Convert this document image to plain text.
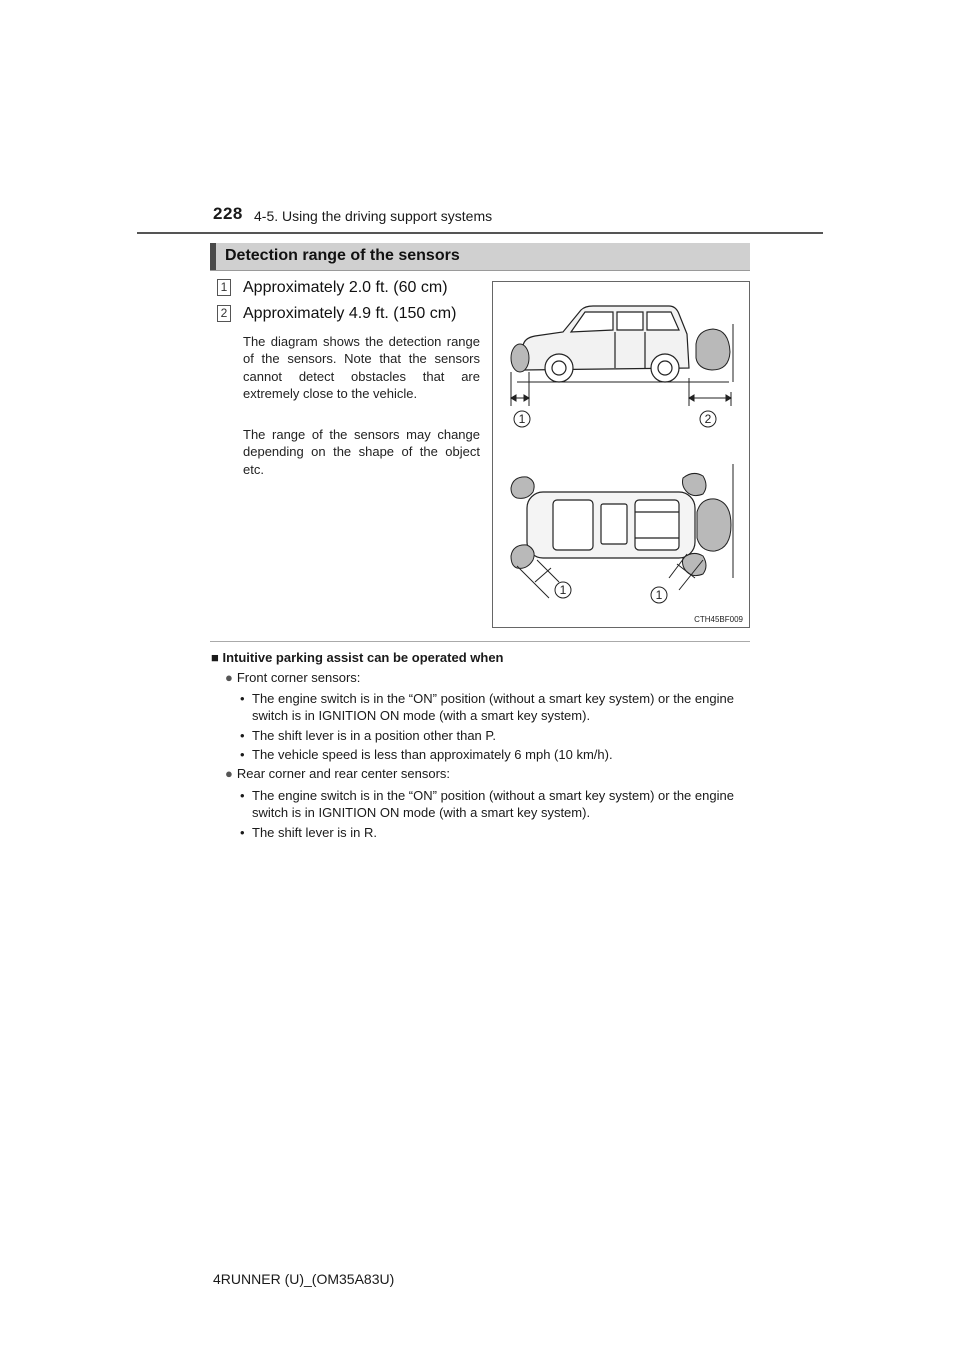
228 4-5. Using the driving support systems
Detection range of the sensors
1 Approximately 2.0 ft. (60 cm)
2 Approximately 4.9 ft. (150 cm)

The diagram shows the detection range of the sensors. Note that the sensors cannot detect obstacles that are extremely close to the vehicle.

The range of the sensors may change depending on the shape of the object etc.

1	2
1	1
CTH45BF009
■ Intuitive parking assist can be operated when
● Front corner sensors:
• The engine switch is in the “ON” position (without a smart key system) or the engine switch is in IGNITION ON mode (with a smart key system).
• The shift lever is in a position other than P.
• The vehicle speed is less than approximately 6 mph (10 km/h).
● Rear corner and rear center sensors:
• The engine switch is in the “ON” position (without a smart key system) or the engine switch is in IGNITION ON mode (with a smart key system).
• The shift lever is in R.
4RUNNER (U)_(OM35A83U)
